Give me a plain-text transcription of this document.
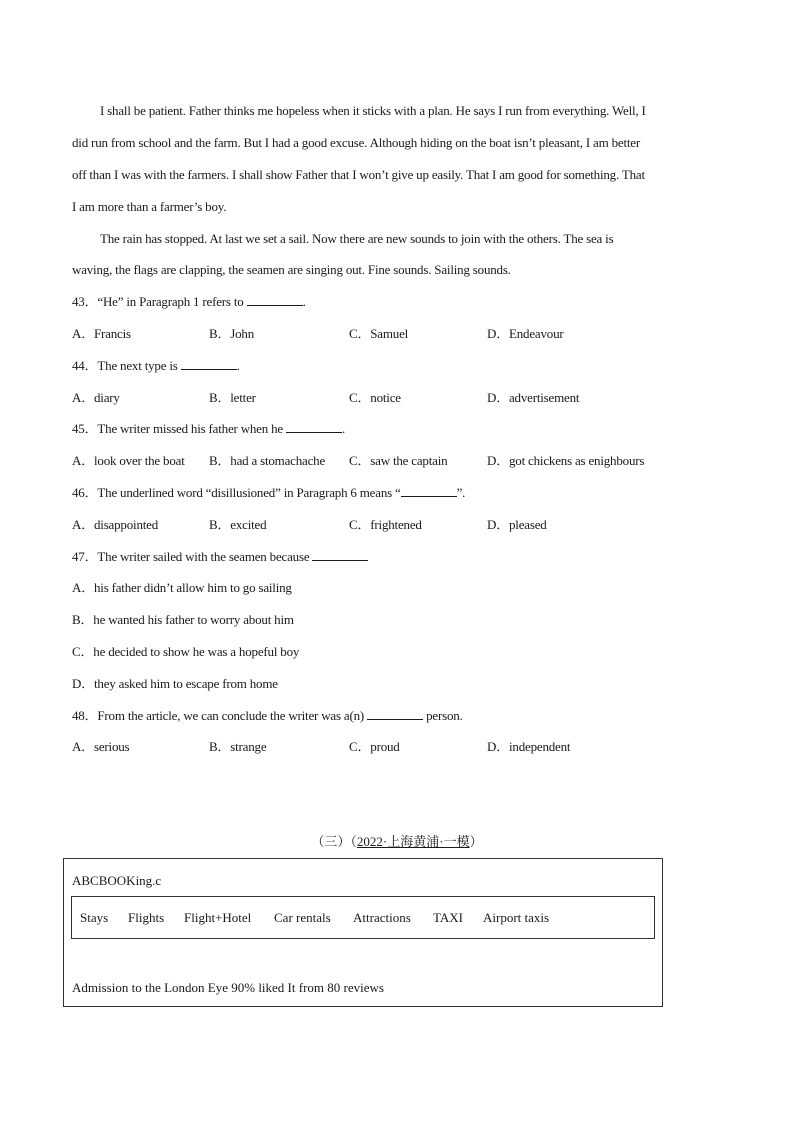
I shall be patient. Father thinks me hopeless when it sticks with a plan. He says I run from everything. Well, I
did run from school and the farm. But I had a good excuse. Although hiding on the boat isn’t pleasant, I am better
off than I was with the farmers. I shall show Father that I won’t give up easily. That I am good for something. That
I am more than a farmer’s boy.
The rain has stopped. At last we set a sail. Now there are new sounds to join with the others. The sea is
waving, the flags are clapping, the seamen are singing out. Fine sounds. Sailing sounds.
43．“He” in Paragraph 1 refers to	.
A．Francis	B．John	C．Samuel	D．Endeavour
44．The next type is	.
A．diary	B．letter	C．notice	D．advertisement
45．The writer missed his father when he	.
A．look over the boat B．had a stomachache C．saw the captain	D．got chickens as enighbours
46．The underlined word “disillusioned” in Paragraph 6 means “	”.
A．disappointed	B．excited	C．frightened	D．pleased
47．The writer sailed with the seamen because
A．his father didn’t allow him to go sailing
B．he wanted his father to worry about him
C．he decided to show he was a hopeful boy
D．they asked him to escape from home
48．From the article, we can conclude the writer was a(n)	person.
A．serious	B．strange	C．proud	D．independent
（三）（2022·上海黄浦·一模）
ABCBOOKing.c
Stays Flights Flight+Hotel Car rentals Attractions TAXI Airport taxis
Admission to the London Eye 90% liked It from 80 reviews
